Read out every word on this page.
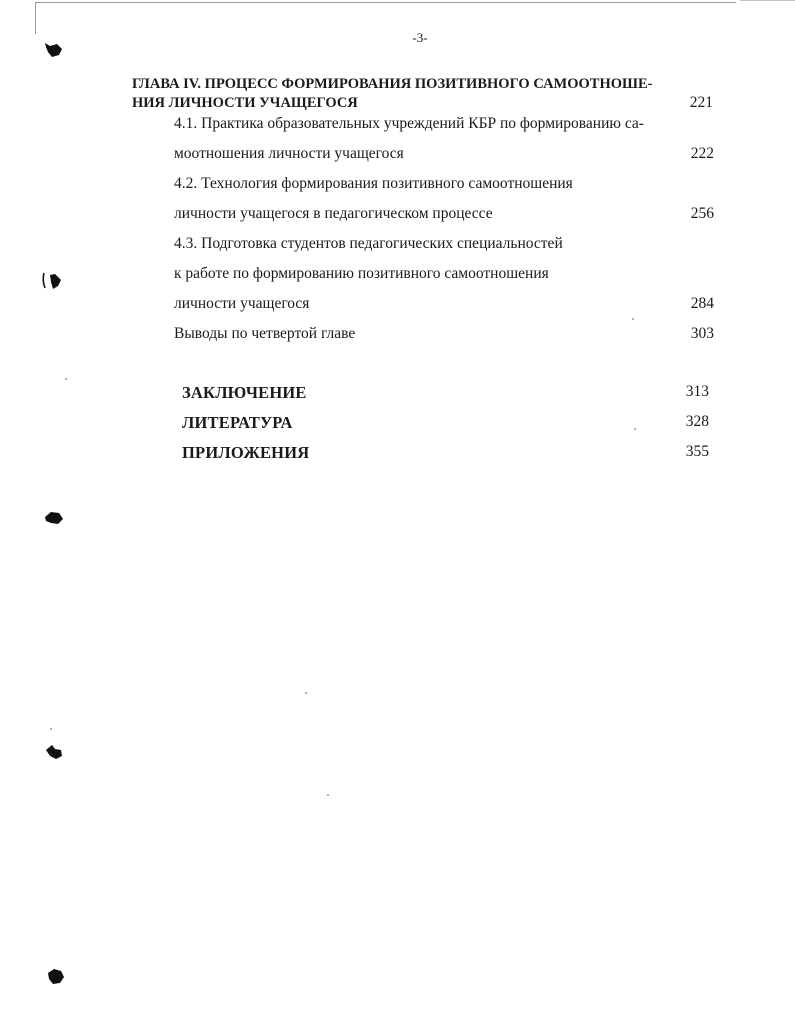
-3-
ГЛАВА IV. ПРОЦЕСС ФОРМИРОВАНИЯ ПОЗИТИВНОГО САМООТНОШЕ-
НИЯ ЛИЧНОСТИ УЧАЩЕГОСЯ	221
4.1. Практика образовательных учреждений КБР по формированию са-
моотношения личности учащегося	222
4.2. Технология формирования позитивного самоотношения
личности учащегося в педагогическом процессе	256
4.3. Подготовка студентов педагогических специальностей
к работе по формированию позитивного самоотношения
личности учащегося	284
Выводы по четвертой главе	303
ЗАКЛЮЧЕНИЕ	313
ЛИТЕРАТУРА	328
ПРИЛОЖЕНИЯ	355
